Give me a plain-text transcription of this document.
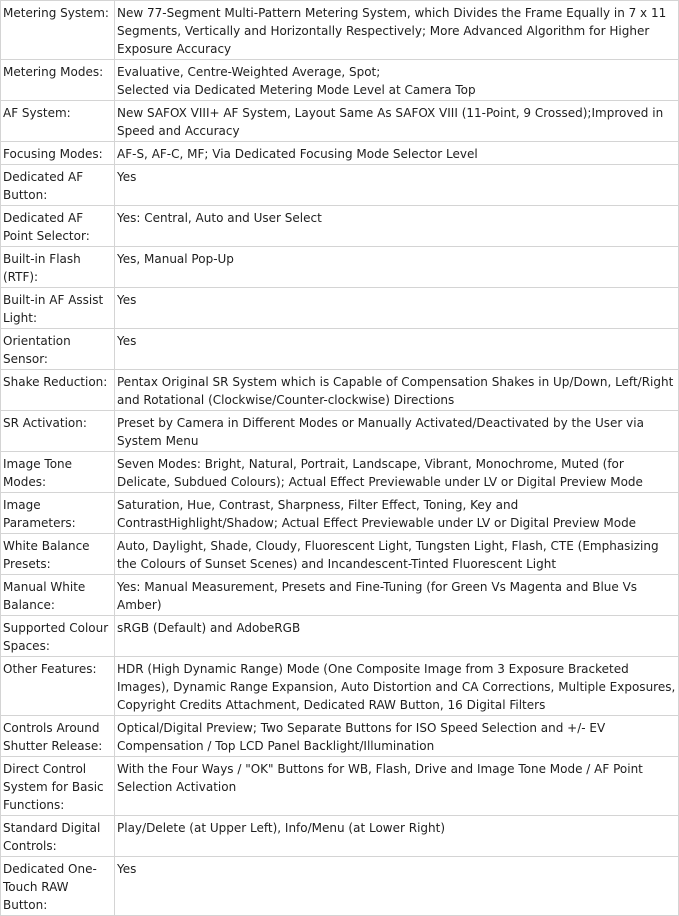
Metering System:	New 77-Segment Multi-Pattern Metering System, which Divides the Frame Equally in 7 x 11 Segments, Vertically and Horizontally Respectively; More Advanced Algorithm for Higher Exposure Accuracy
Metering Modes:	Evaluative, Centre-Weighted Average, Spot;
Selected via Dedicated Metering Mode Level at Camera Top
AF System:	New SAFOX VIII+ AF System, Layout Same As SAFOX VIII (11-Point, 9 Crossed);Improved in Speed and Accuracy
Focusing Modes:	AF-S, AF-C, MF; Via Dedicated Focusing Mode Selector Level
Dedicated AF Button:	Yes
Dedicated AF Point Selector:	Yes: Central, Auto and User Select
Built-in Flash (RTF):	Yes, Manual Pop-Up
Built-in AF Assist Light:	Yes
Orientation Sensor:	Yes
Shake Reduction:	Pentax Original SR System which is Capable of Compensation Shakes in Up/Down, Left/Right and Rotational (Clockwise/Counter-clockwise) Directions
SR Activation:	Preset by Camera in Different Modes or Manually Activated/Deactivated by the User via System Menu
Image Tone Modes:	Seven Modes: Bright, Natural, Portrait, Landscape, Vibrant, Monochrome, Muted (for Delicate, Subdued Colours); Actual Effect Previewable under LV or Digital Preview Mode
Image Parameters:	Saturation, Hue, Contrast, Sharpness, Filter Effect, Toning, Key and ContrastHighlight/Shadow; Actual Effect Previewable under LV or Digital Preview Mode
White Balance Presets:	Auto, Daylight, Shade, Cloudy, Fluorescent Light, Tungsten Light, Flash, CTE (Emphasizing the Colours of Sunset Scenes) and Incandescent-Tinted Fluorescent Light
Manual White Balance:	Yes: Manual Measurement, Presets and Fine-Tuning (for Green Vs Magenta and Blue Vs Amber)
Supported Colour Spaces:	sRGB (Default) and AdobeRGB
Other Features:	HDR (High Dynamic Range) Mode (One Composite Image from 3 Exposure Bracketed Images), Dynamic Range Expansion, Auto Distortion and CA Corrections, Multiple Exposures, Copyright Credits Attachment, Dedicated RAW Button, 16 Digital Filters
Controls Around Shutter Release:	Optical/Digital Preview; Two Separate Buttons for ISO Speed Selection and +/- EV Compensation / Top LCD Panel Backlight/Illumination
Direct Control System for Basic Functions:	With the Four Ways / "OK" Buttons for WB, Flash, Drive and Image Tone Mode / AF Point Selection Activation
Standard Digital Controls:	Play/Delete (at Upper Left), Info/Menu (at Lower Right)
Dedicated One-Touch RAW Button:	Yes
